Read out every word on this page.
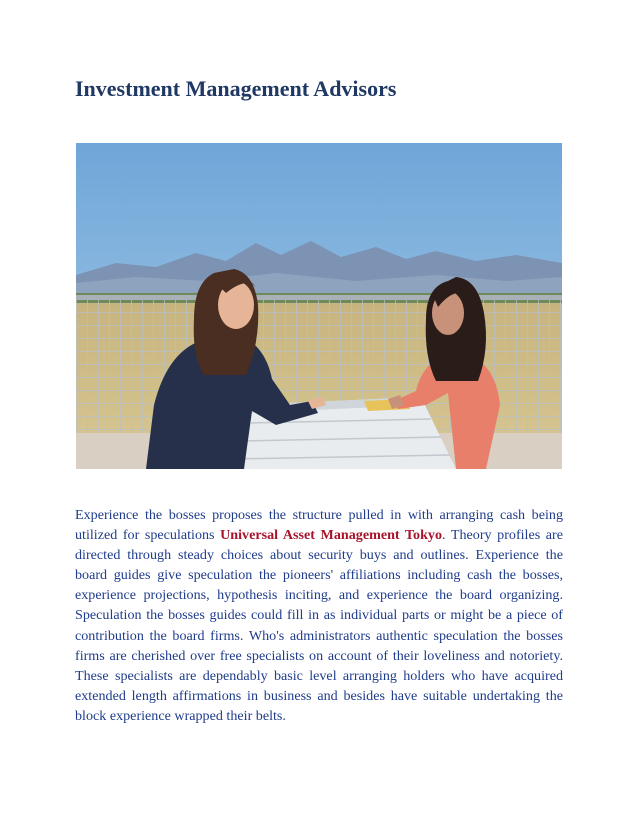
Investment Management Advisors

Experience the bosses proposes the structure pulled in with arranging cash being utilized for speculations Universal Asset Management Tokyo. Theory profiles are directed through steady choices about security buys and outlines. Experience the board guides give speculation the pioneers' affiliations including cash the bosses, experience projections, hypothesis inciting, and experience the board organizing. Speculation the bosses guides could fill in as individual parts or might be a piece of contribution the board firms. Who's administrators authentic speculation the bosses firms are cherished over free specialists on account of their loveliness and notoriety. These specialists are dependably basic level arranging holders who have acquired extended length affirmations in business and besides have suitable undertaking the block experience wrapped their belts.
